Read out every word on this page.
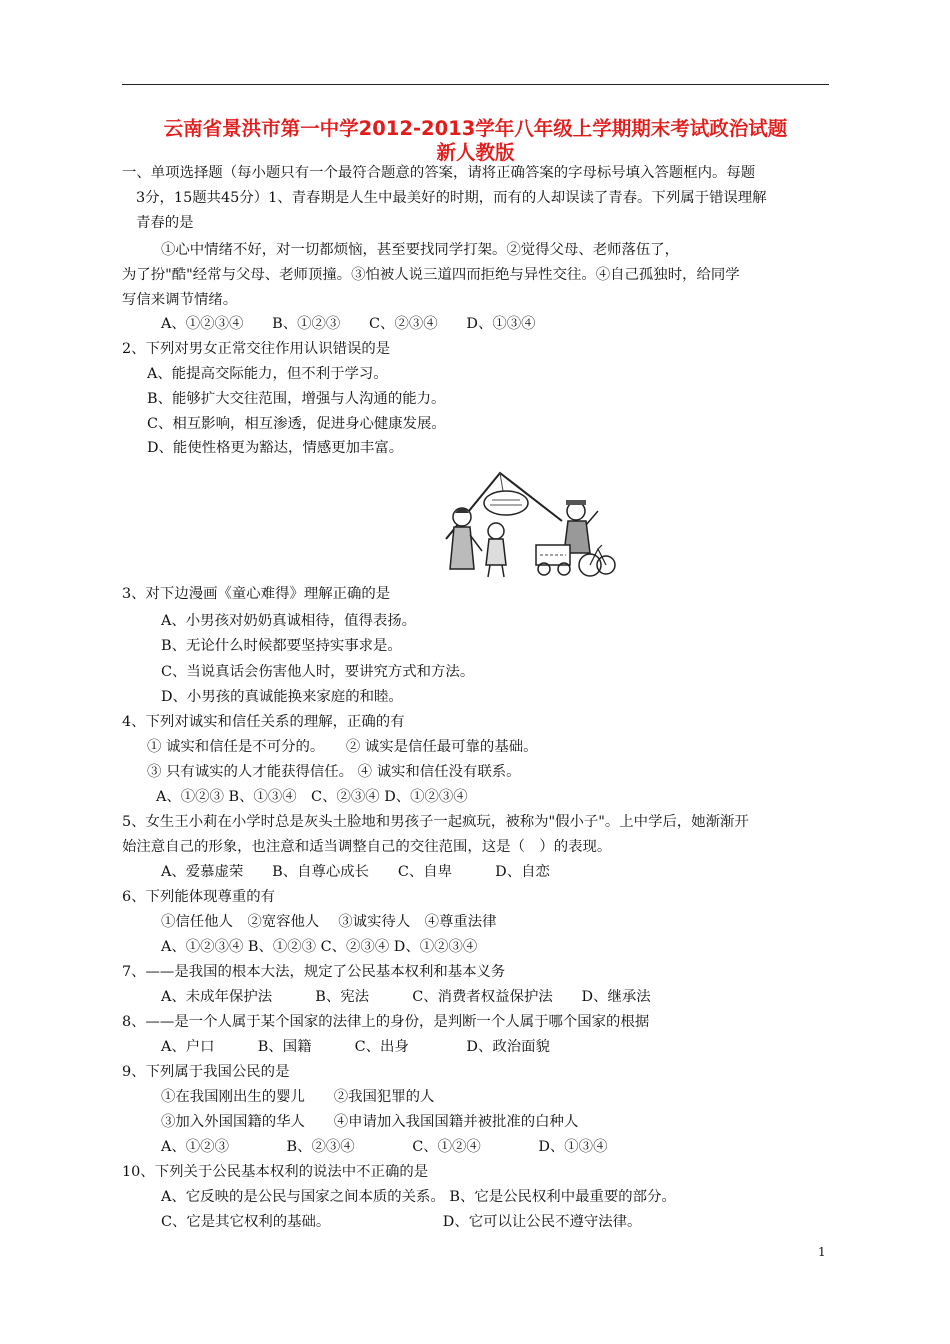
云南省景洪市第一中学2012-2013学年八年级上学期期末考试政治试题
新人教版
一、单项选择题（每小题只有一个最符合题意的答案，请将正确答案的字母标号填入答题框内。每题
3分，15题共45分）1、青春期是人生中最美好的时期，而有的人却误读了青春。下列属于错误理解
青春的是
①心中情绪不好，对一切都烦恼，甚至要找同学打架。②觉得父母、老师落伍了，
为了扮"酷"经常与父母、老师顶撞。③怕被人说三道四而拒绝与异性交往。④自己孤独时，给同学
写信来调节情绪。
A、①②③④　　B、①②③　　C、②③④　　D、①③④
2、下列对男女正常交往作用认识错误的是
A、能提高交际能力，但不利于学习。
B、能够扩大交往范围，增强与人沟通的能力。
C、相互影响，相互渗透，促进身心健康发展。
D、能使性格更为豁达，情感更加丰富。
3、对下边漫画《童心难得》理解正确的是
A、小男孩对奶奶真诚相待，值得表扬。
B、无论什么时候都要坚持实事求是。
C、当说真话会伤害他人时，要讲究方式和方法。
D、小男孩的真诚能换来家庭的和睦。
4、下列对诚实和信任关系的理解，正确的有
① 诚实和信任是不可分的。　　② 诚实是信任最可靠的基础。
③ 只有诚实的人才能获得信任。 ④ 诚实和信任没有联系。
A、①②③ B、①③④　C、②③④ D、①②③④
5、女生王小莉在小学时总是灰头土脸地和男孩子一起疯玩，被称为"假小子"。上中学后，她渐渐开
始注意自己的形象，也注意和适当调整自己的交往范围，这是（　）的表现。
A、爱慕虚荣　　B、自尊心成长　　C、自卑　　　D、自恋
6、下列能体现尊重的有
①信任他人　②宽容他人　 ③诚实待人　④尊重法律
A、①②③④ B、①②③ C、②③④ D、①②③④
7、——是我国的根本大法，规定了公民基本权利和基本义务
A、未成年保护法　　　B、宪法　　　C、消费者权益保护法　　D、继承法
8、——是一个人属于某个国家的法律上的身份，是判断一个人属于哪个国家的根据
A、户口　　　B、国籍　　　C、出身　　　　D、政治面貌
9、下列属于我国公民的是
①在我国刚出生的婴儿　　②我国犯罪的人
③加入外国国籍的华人　　④申请加入我国国籍并被批准的白种人
A、①②③　　　　B、②③④　　　　C、①②④　　　　D、①③④
10、下列关于公民基本权利的说法中不正确的是
A、它反映的是公民与国家之间本质的关系。 B、它是公民权利中最重要的部分。
C、它是其它权利的基础。　　　　　　　　 D、它可以让公民不遵守法律。
1
